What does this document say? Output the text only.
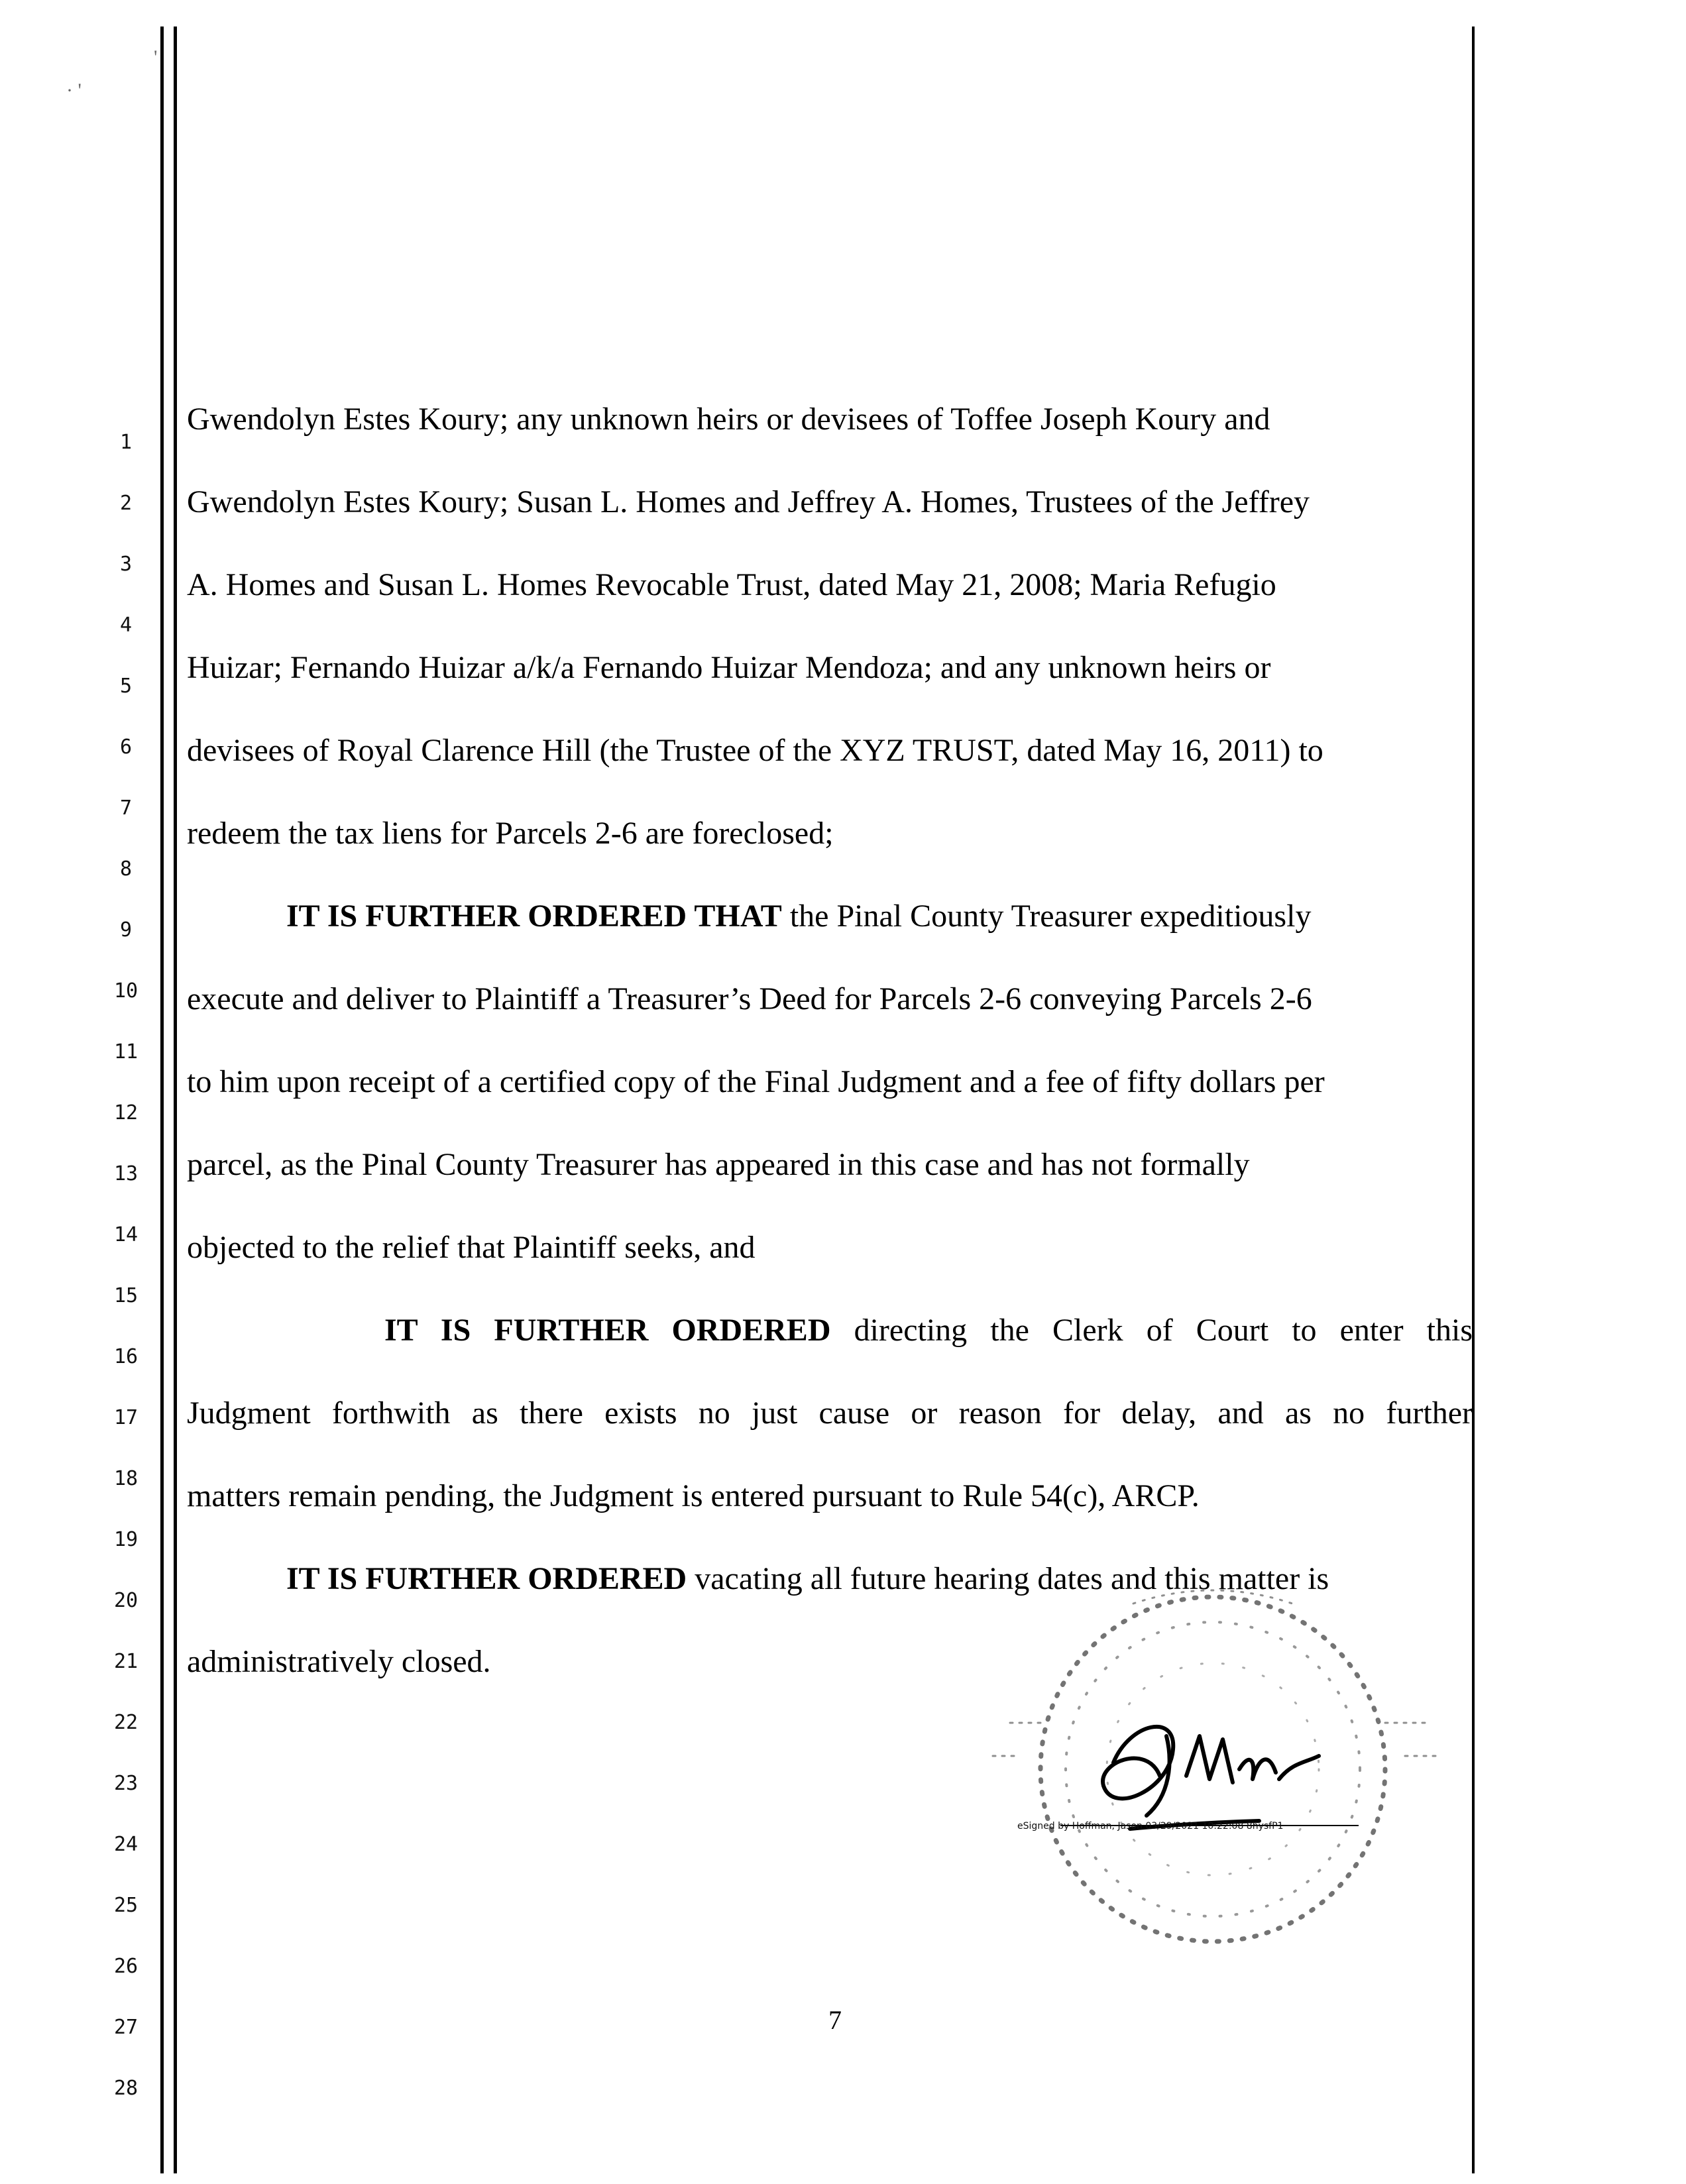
'
· '
1
2
3
4
5
6
7
8
9
10
11
12
13
14
15
16
17
18
19
20
21
22
23
24
25
26
27
28
Gwendolyn Estes Koury; any unknown heirs or devisees of Toffee Joseph Koury and
Gwendolyn Estes Koury; Susan L. Homes and Jeffrey A. Homes, Trustees of the Jeffrey
A. Homes and Susan L. Homes Revocable Trust, dated May 21, 2008; Maria Refugio
Huizar; Fernando Huizar a/k/a Fernando Huizar Mendoza; and any unknown heirs or
devisees of Royal Clarence Hill (the Trustee of the XYZ TRUST, dated May 16, 2011) to
redeem the tax liens for Parcels 2-6 are foreclosed;
IT IS FURTHER ORDERED THAT the Pinal County Treasurer expeditiously
execute and deliver to Plaintiff a Treasurer’s Deed for Parcels 2-6 conveying Parcels 2-6
to him upon receipt of a certified copy of the Final Judgment and a fee of fifty dollars per
parcel, as the Pinal County Treasurer has appeared in this case and has not formally
objected to the relief that Plaintiff seeks, and
IT IS FURTHER ORDERED directing the Clerk of Court to enter this
Judgment forthwith as there exists no just cause or reason for delay, and as no further
matters remain pending, the Judgment is entered pursuant to Rule 54(c), ARCP.
IT IS FURTHER ORDERED vacating all future hearing dates and this matter is
administratively closed.
eSigned by Hoffman, Jason 03/29/2021 10:22:08 8hysfP1
7
